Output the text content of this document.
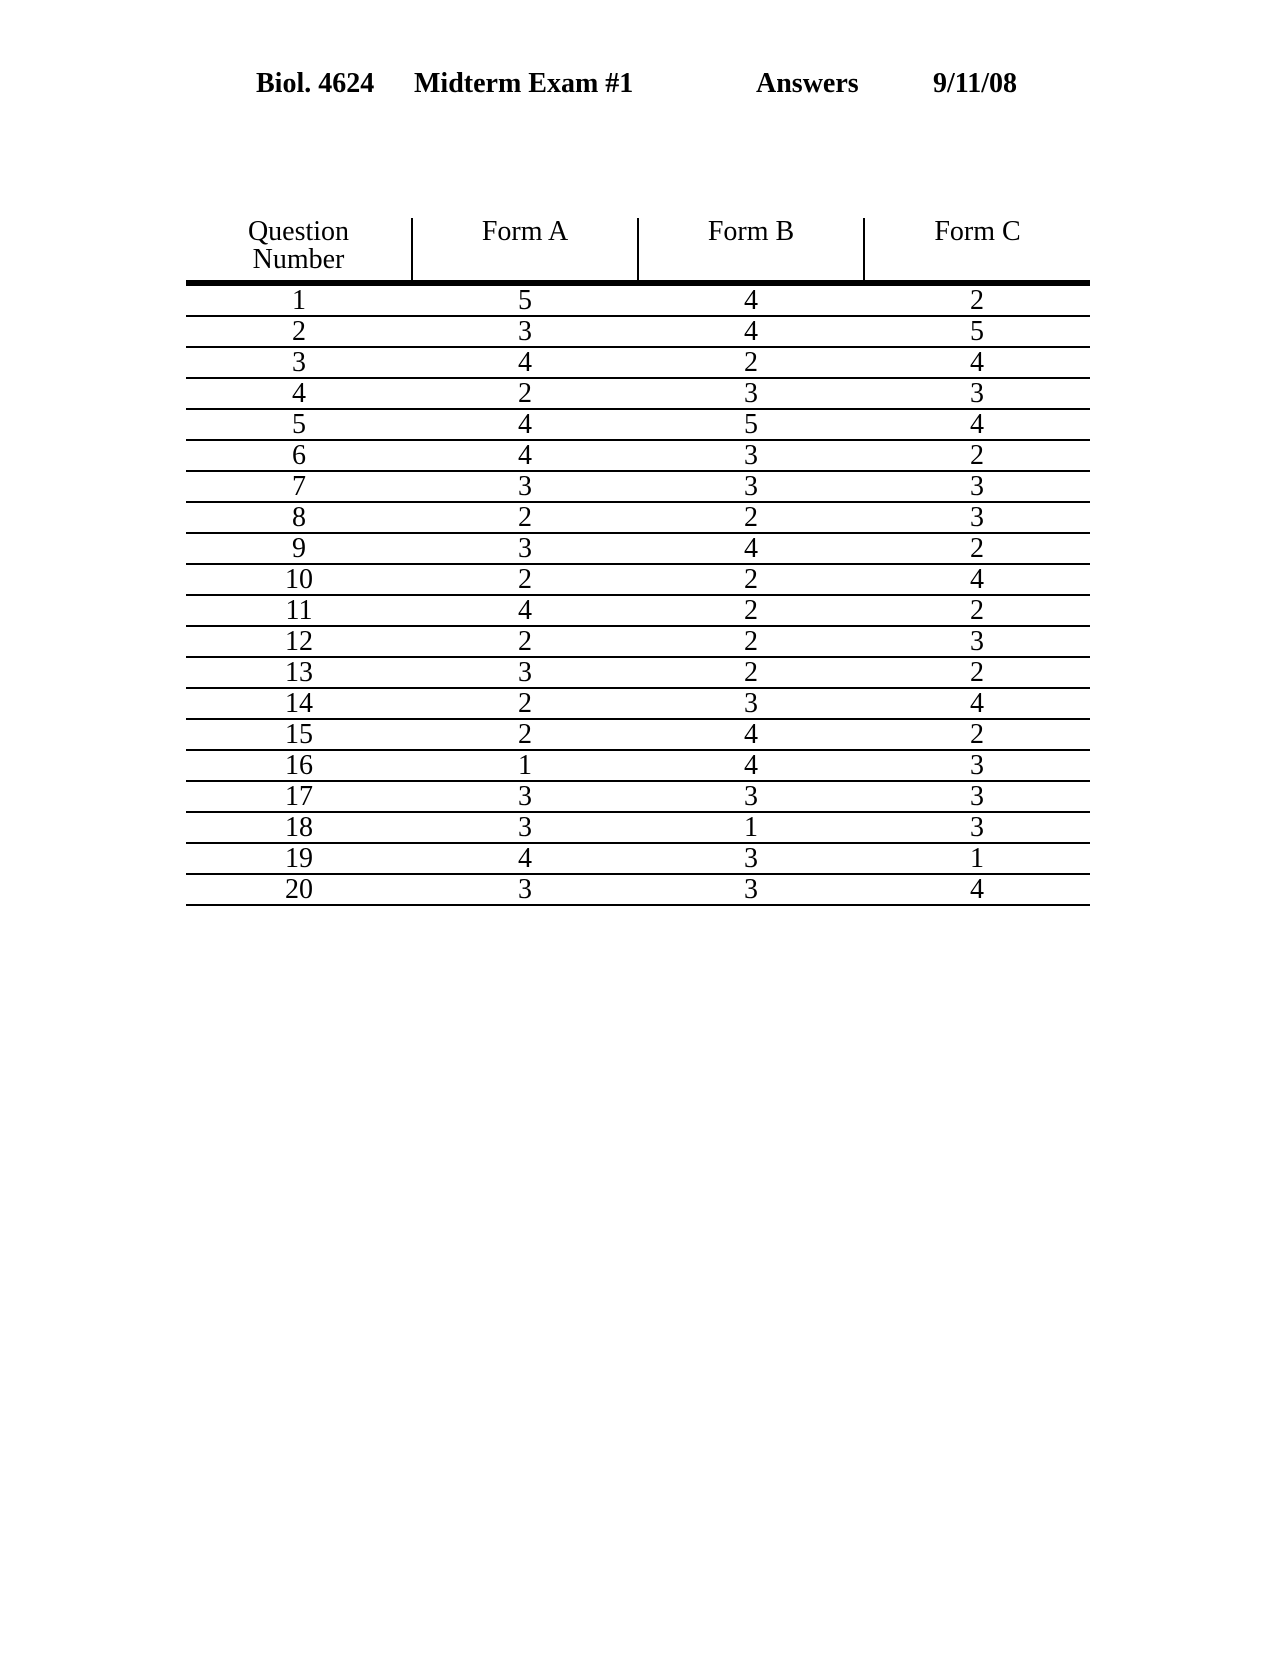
Biol. 4624 Midterm Exam #1	Answers	9/11/08
Question Number	Form A	Form B	Form C
1	5	4	2
2	3	4	5
3	4	2	4
4	2	3	3
5	4	5	4
6	4	3	2
7	3	3	3
8	2	2	3
9	3	4	2
10	2	2	4
11	4	2	2
12	2	2	3
13	3	2	2
14	2	3	4
15	2	4	2
16	1	4	3
17	3	3	3
18	3	1	3
19	4	3	1
20	3	3	4
